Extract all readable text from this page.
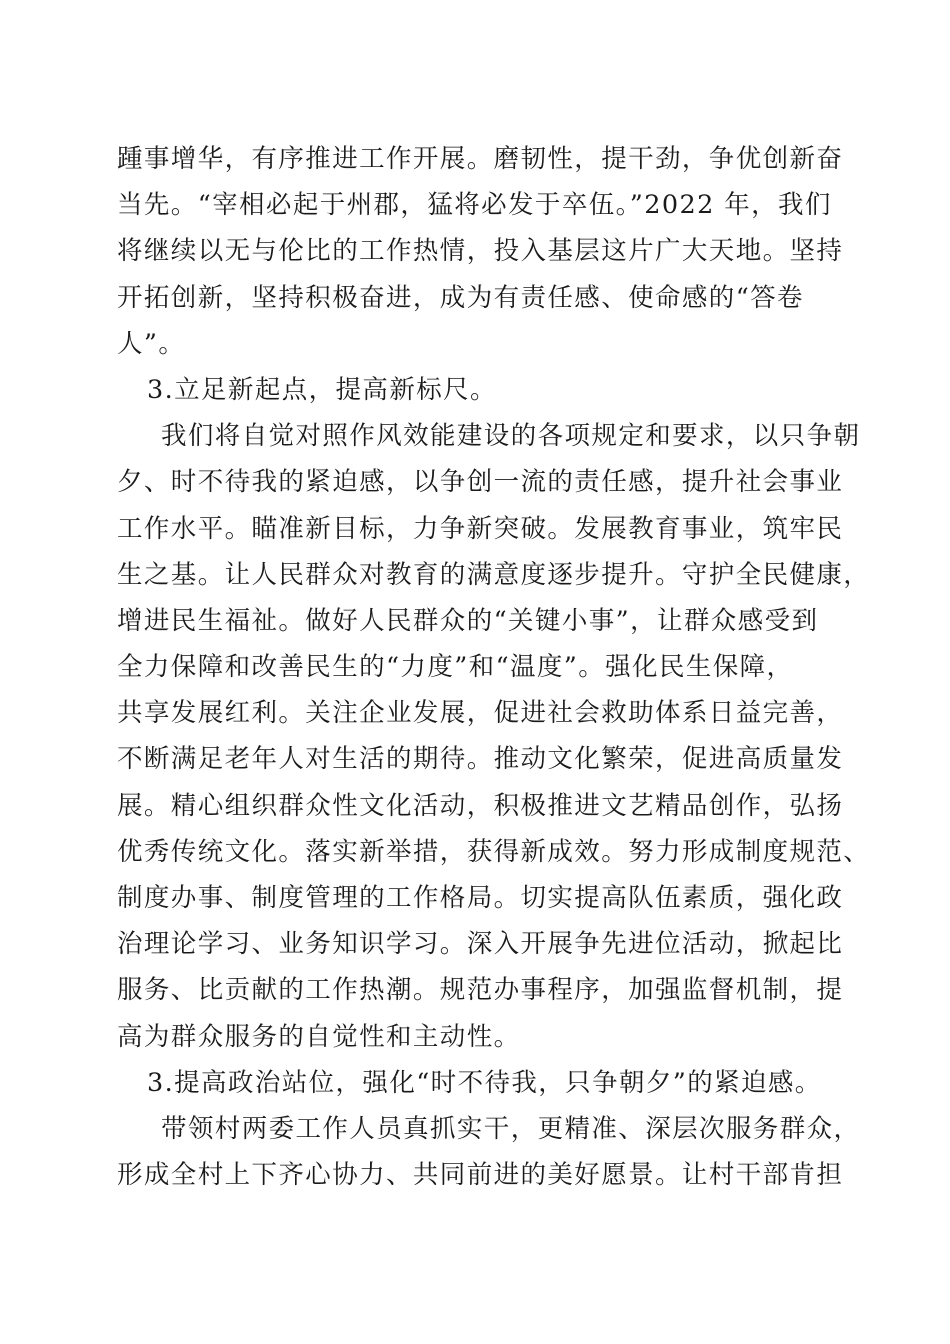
踵事增华，有序推进工作开展。磨韧性，提干劲，争优创新奋
当先。“宰相必起于州郡，猛将必发于卒伍。”2022 年，我们
将继续以无与伦比的工作热情，投入基层这片广大天地。坚持
开拓创新，坚持积极奋进，成为有责任感、使命感的“答卷
人”。
3.立足新起点，提高新标尺。
我们将自觉对照作风效能建设的各项规定和要求，以只争朝
夕、时不待我的紧迫感，以争创一流的责任感，提升社会事业
工作水平。瞄准新目标，力争新突破。发展教育事业，筑牢民
生之基。让人民群众对教育的满意度逐步提升。守护全民健康，
增进民生福祉。做好人民群众的“关键小事”，让群众感受到
全力保障和改善民生的“力度”和“温度”。强化民生保障，
共享发展红利。关注企业发展，促进社会救助体系日益完善，
不断满足老年人对生活的期待。推动文化繁荣，促进高质量发
展。精心组织群众性文化活动，积极推进文艺精品创作，弘扬
优秀传统文化。落实新举措，获得新成效。努力形成制度规范、
制度办事、制度管理的工作格局。切实提高队伍素质，强化政
治理论学习、业务知识学习。深入开展争先进位活动，掀起比
服务、比贡献的工作热潮。规范办事程序，加强监督机制，提
高为群众服务的自觉性和主动性。
3.提高政治站位，强化“时不待我，只争朝夕”的紧迫感。
带领村两委工作人员真抓实干，更精准、深层次服务群众，
形成全村上下齐心协力、共同前进的美好愿景。让村干部肯担
